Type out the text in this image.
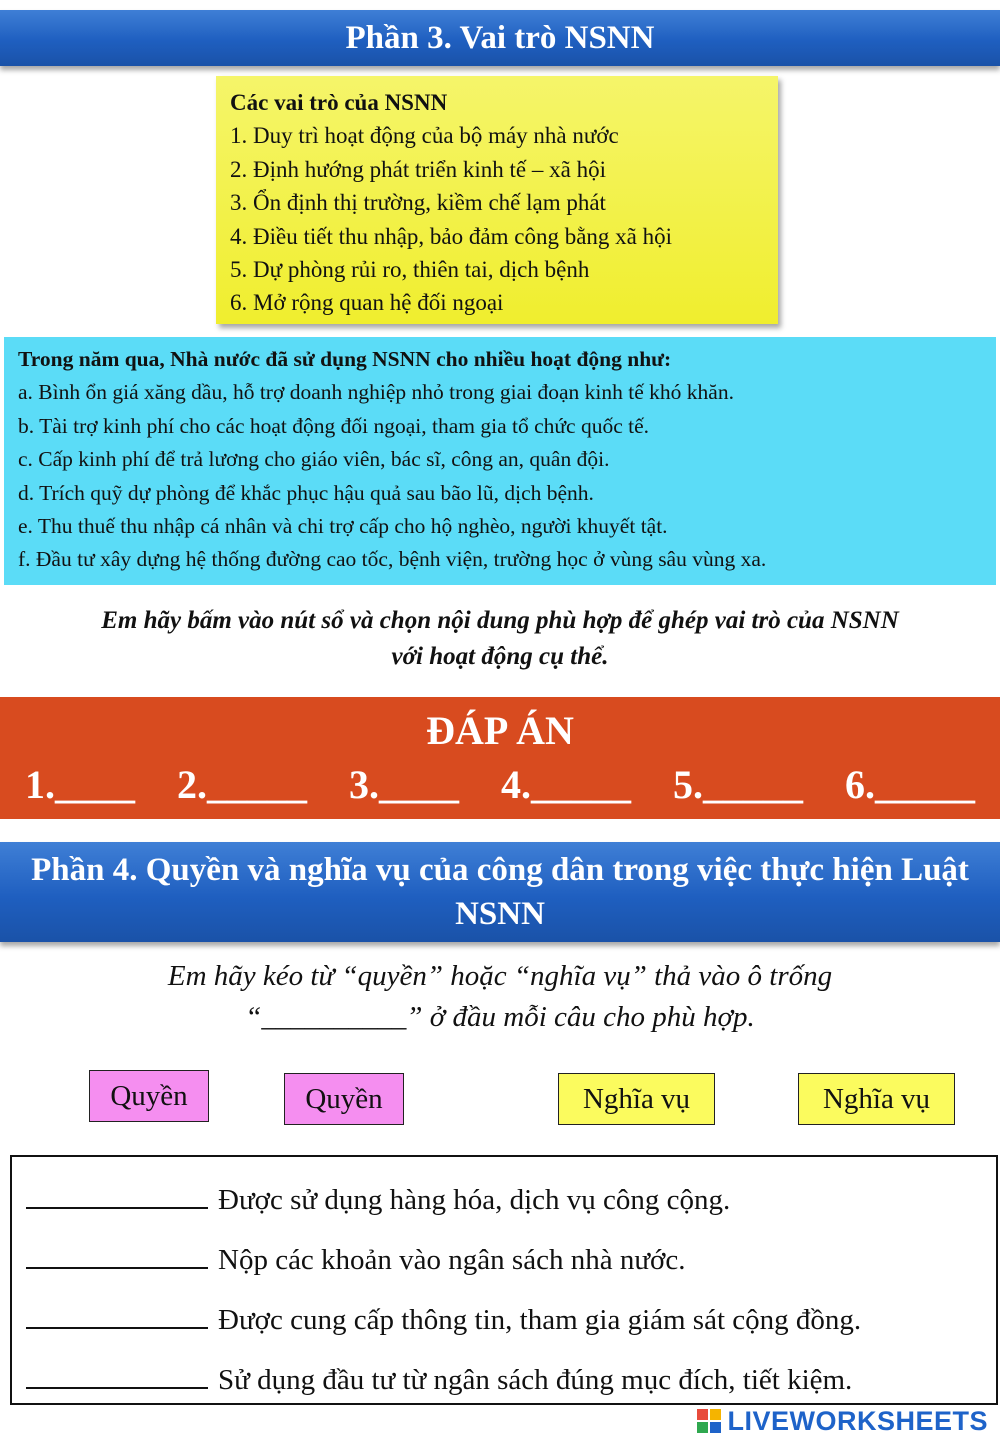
Phần 3. Vai trò NSNN
Các vai trò của NSNN
1. Duy trì hoạt động của bộ máy nhà nước
2. Định hướng phát triển kinh tế – xã hội
3. Ổn định thị trường, kiềm chế lạm phát
4. Điều tiết thu nhập, bảo đảm công bằng xã hội
5. Dự phòng rủi ro, thiên tai, dịch bệnh
6. Mở rộng quan hệ đối ngoại
Trong năm qua, Nhà nước đã sử dụng NSNN cho nhiều hoạt động như:
a. Bình ổn giá xăng dầu, hỗ trợ doanh nghiệp nhỏ trong giai đoạn kinh tế khó khăn.
b. Tài trợ kinh phí cho các hoạt động đối ngoại, tham gia tổ chức quốc tế.
c. Cấp kinh phí để trả lương cho giáo viên, bác sĩ, công an, quân đội.
d. Trích quỹ dự phòng để khắc phục hậu quả sau bão lũ, dịch bệnh.
e. Thu thuế thu nhập cá nhân và chi trợ cấp cho hộ nghèo, người khuyết tật.
f. Đầu tư xây dựng hệ thống đường cao tốc, bệnh viện, trường học ở vùng sâu vùng xa.
Em hãy bấm vào nút sổ và chọn nội dung phù hợp để ghép vai trò của NSNN
với hoạt động cụ thể.
ĐÁP ÁN
1.____ 2._____ 3.____ 4._____ 5._____ 6._____
Phần 4. Quyền và nghĩa vụ của công dân trong việc thực hiện Luật NSNN
Em hãy kéo từ “quyền” hoặc “nghĩa vụ” thả vào ô trống
“__________” ở đầu mỗi câu cho phù hợp.
Quyền	Quyền	Nghĩa vụ	Nghĩa vụ
Được sử dụng hàng hóa, dịch vụ công cộng.
Nộp các khoản vào ngân sách nhà nước.
Được cung cấp thông tin, tham gia giám sát cộng đồng.
Sử dụng đầu tư từ ngân sách đúng mục đích, tiết kiệm.
LIVEWORKSHEETS
